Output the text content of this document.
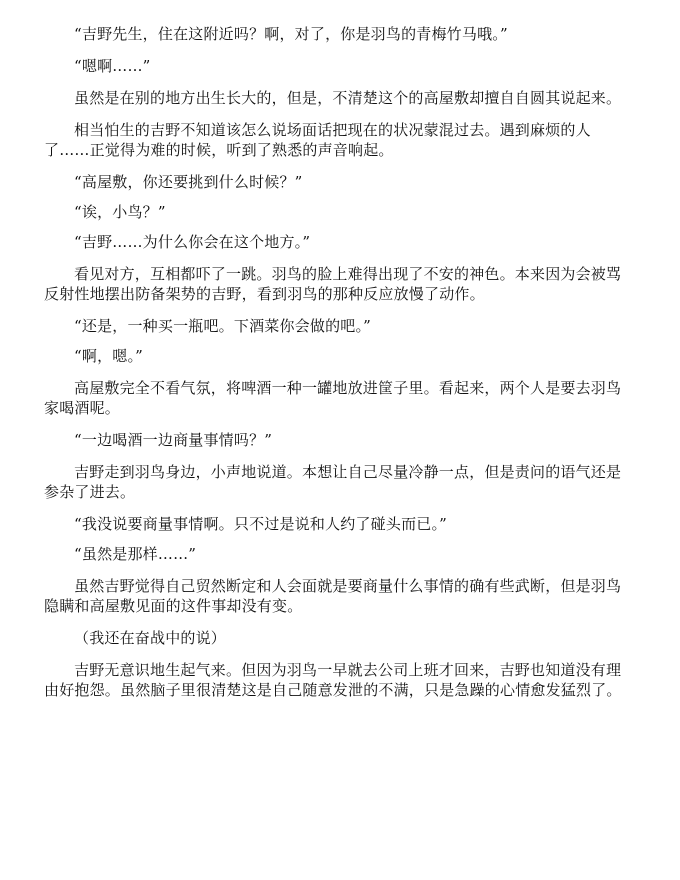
“吉野先生，住在这附近吗？啊，对了，你是羽鸟的青梅竹马哦。”

“嗯啊……”

虽然是在别的地方出生长大的，但是，不清楚这个的高屋敷却擅自自圆其说起来。

相当怕生的吉野不知道该怎么说场面话把现在的状况蒙混过去。遇到麻烦的人了……正觉得为难的时候，听到了熟悉的声音响起。

“高屋敷，你还要挑到什么时候？”

“诶，小鸟？”

“吉野……为什么你会在这个地方。”

看见对方，互相都吓了一跳。羽鸟的脸上难得出现了不安的神色。本来因为会被骂反射性地摆出防备架势的吉野，看到羽鸟的那种反应放慢了动作。

“还是，一种买一瓶吧。下酒菜你会做的吧。”

“啊，嗯。”

高屋敷完全不看气氛，将啤酒一种一罐地放进筐子里。看起来，两个人是要去羽鸟家喝酒呢。

“一边喝酒一边商量事情吗？”

吉野走到羽鸟身边，小声地说道。本想让自己尽量冷静一点，但是责问的语气还是参杂了进去。

“我没说要商量事情啊。只不过是说和人约了碰头而已。”

“虽然是那样……”

虽然吉野觉得自己贸然断定和人会面就是要商量什么事情的确有些武断，但是羽鸟隐瞒和高屋敷见面的这件事却没有变。

（我还在奋战中的说）

吉野无意识地生起气来。但因为羽鸟一早就去公司上班才回来，吉野也知道没有理由好抱怨。虽然脑子里很清楚这是自己随意发泄的不满，只是急躁的心情愈发猛烈了。
